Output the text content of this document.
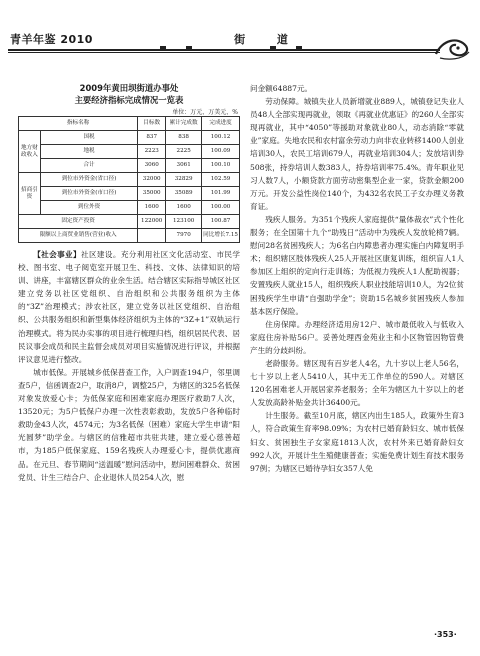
青羊年鉴 2010	街 道
2009年黄田坝街道办事处
主要经济指标完成情况一览表
单位：万元、万美元、%
指标名称		目标数	累计完成数	完成进度
地方财政收入	国税	837	838	100.12
	地税	2223	2225	100.09
	合计	3060	3061	100.10
招商引资	到位市外资金(省口径)	32000	32829	102.59
	到位市外资金(市口径)	35000	35089	101.99
	到位外资	1600	1600	100.00
固定资产投资		122000	123100	100.87
限额以上商贸业销售(营业)收入			7970	同比增长7.15

【社会事业】社区建设。充分利用社区文化活动室、市民学校、图书室、电子阅览室开展卫生、科技、文体、法律知识的培训、讲座，丰富辖区群众的业余生活。结合辖区实际指导城区社区建立党务以社区党组织、自治组织和公共服务组织为主体的“3Z”治理模式；涉农社区，建立党务以社区党组织、自治组织、公共服务组织和新型集体经济组织为主体的“3Z+1”双轨运行治理模式。将为民办实事的项目进行梳理归档，组织居民代表、居民议事会成员和民主监督会成员对项目实施情况进行评议，并根据评议意见进行整改。

城市低保。开展城乡低保普查工作，入户调查194户，邻里调查5户，信函调查2户，取消8户，调整25户，为辖区的325名低保对象发放爱心卡；为低保家庭和困难家庭办理医疗救助7人次，13520元；为5户低保户办理一次性表彰救助，发放5户各种临时救助金43人次，4574元；为3名低保（困难）家庭大学生申请“阳光圆梦”助学金。与辖区的信雅超市共驻共建，建立爱心慈善超市，为185户低保家庭、159名残疾人办理爱心卡，提供优惠商品。在元旦、春节期间“送温暖”慰问活动中，慰问困难群众、贫困党员、计生三结合户、企业退休人员254人次，慰

问金额64887元。

劳动保障。城镇失业人员新增就业889人，城镇登记失业人员48人全部实现再就业，领取《再就业优惠证》的260人全部实现再就业，其中“4050”等援助对象就业80人，动态消除“零就业”家庭。失地农民和农村富余劳动力向非农业转移1400人创业培训30人，农民工培训679人，再就业培训304人；发放培训券508张，持券培训人数383人，持券培训率75.4%。青年职业见习人数7人，小额贷款方面劳动密集型企业一家，贷款金额200万元。开发公益性岗位140个，为432名农民工子女办理义务教育证。

残疾人服务。为351个残疾人家庭提供“量体裁衣”式个性化服务；在全国第十九个“助残日”活动中为残疾人发放轮椅7辆。慰问28名贫困残疾人；为6名白内障患者办理实施白内障复明手术；组织辖区肢体残疾人25人开展社区康复训练，组织盲人1人参加区上组织的定向行走训练；为低视力残疾人1人配助视器；安置残疾人就业15人，组织残疾人职业技能培训10人，为2位贫困残疾学生申请“自强助学金”；资助15名城乡贫困残疾人参加基本医疗保险。

住房保障。办理经济适用房12户、城市最低收入与低收入家庭住房补贴56户。妥善处理西金苑业主和小区物管因物管费产生的分歧纠纷。

老龄服务。辖区现有百岁老人4名，九十岁以上老人56名，七十岁以上老人5410人，其中无工作单位的590人。对辖区120名困难老人开展居家养老服务；全年为辖区九十岁以上的老人发放高龄补贴金共计36400元。

计生服务。截至10月底，辖区内出生185人，政策外生育3人，符合政策生育率98.09%；为农村已婚育龄妇女、城市低保妇女、贫困独生子女家庭1813人次，农村外来已婚育龄妇女992人次，开展计生生殖健康普查；实施免费计划生育技术服务97例；为辖区已婚待孕妇女357人免

·353·
